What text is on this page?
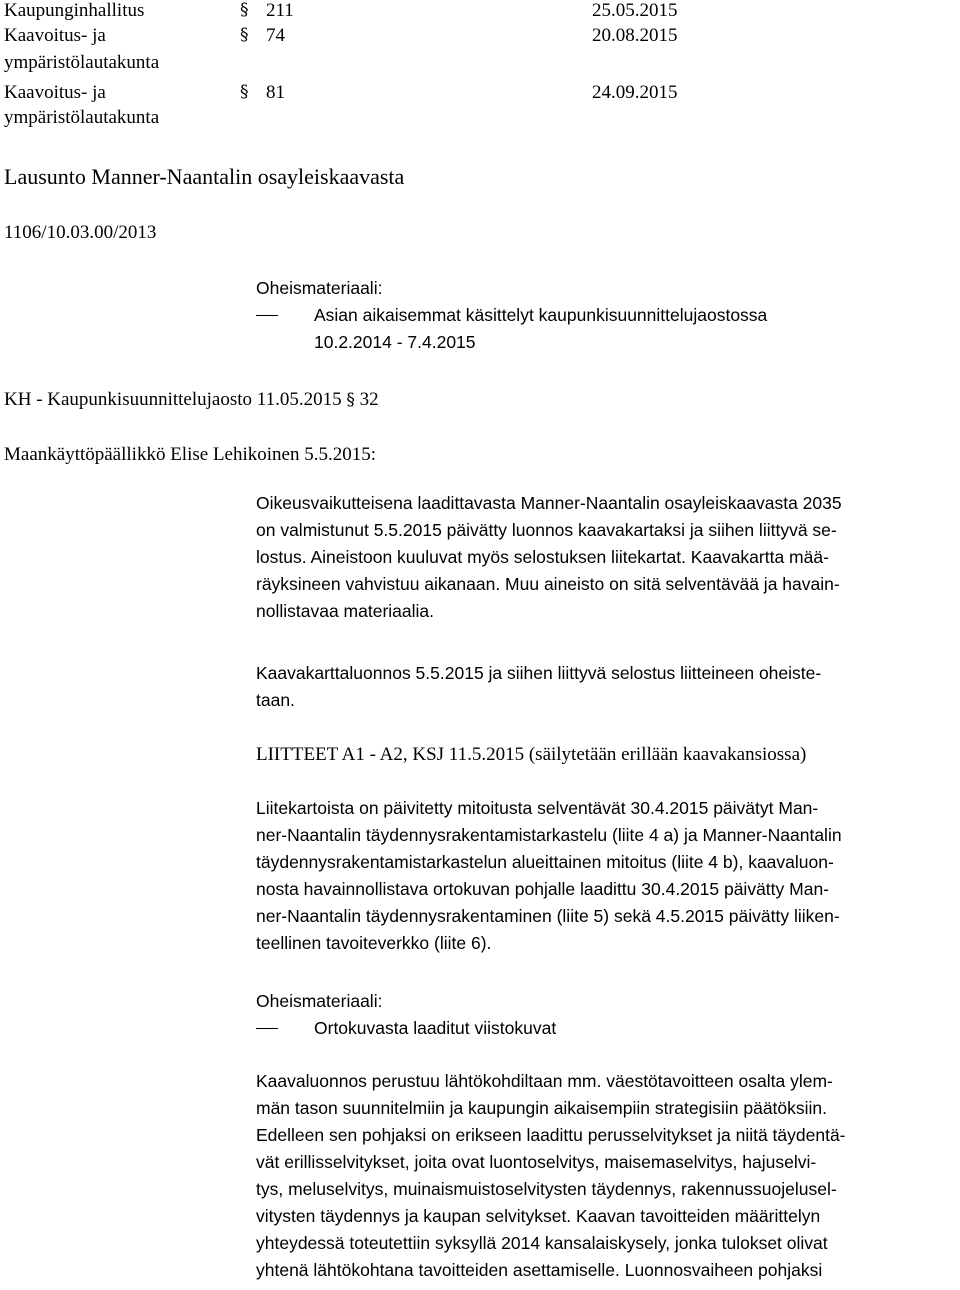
Kaupunginhallitus	§ 211	25.05.2015
Kaavoitus- ja	§ 74	20.08.2015
ympäristölautakunta
Kaavoitus- ja	§ 81	24.09.2015
ympäristölautakunta
Lausunto Manner-Naantalin osayleiskaavasta
1106/10.03.00/2013
Oheismateriaali:
Asian aikaisemmat käsittelyt kaupunkisuunnittelujaostossa
10.2.2014 - 7.4.2015
KH - Kaupunkisuunnittelujaosto 11.05.2015 § 32
Maankäyttöpäällikkö Elise Lehikoinen 5.5.2015:
Oikeusvaikutteisena laadittavasta Manner-Naantalin osayleiskaavasta 2035
on valmistunut 5.5.2015 päivätty luonnos kaavakartaksi ja siihen liittyvä se-
lostus. Aineistoon kuuluvat myös selostuksen liitekartat. Kaavakartta mää-
räyksineen vahvistuu aikanaan. Muu aineisto on sitä selventävää ja havain-
nollistavaa materiaalia.
Kaavakarttaluonnos 5.5.2015 ja siihen liittyvä selostus liitteineen oheiste-
taan.
LIITTEET A1 - A2, KSJ 11.5.2015 (säilytetään erillään kaavakansiossa)
Liitekartoista on päivitetty mitoitusta selventävät 30.4.2015 päivätyt Man-
ner-Naantalin täydennysrakentamistarkastelu (liite 4 a) ja Manner-Naantalin
täydennysrakentamistarkastelun alueittainen mitoitus (liite 4 b), kaavaluon-
nosta havainnollistava ortokuvan pohjalle laadittu 30.4.2015 päivätty Man-
ner-Naantalin täydennysrakentaminen (liite 5) sekä 4.5.2015 päivätty liiken-
teellinen tavoiteverkko (liite 6).
Oheismateriaali:
Ortokuvasta laaditut viistokuvat
Kaavaluonnos perustuu lähtökohdiltaan mm. väestötavoitteen osalta ylem-
män tason suunnitelmiin ja kaupungin aikaisempiin strategisiin päätöksiin.
Edelleen sen pohjaksi on erikseen laadittu perusselvitykset ja niitä täydentä-
vät erillisselvitykset, joita ovat luontoselvitys, maisemaselvitys, hajuselvi-
tys, meluselvitys, muinaismuistoselvitysten täydennys, rakennussuojelusel-
vitysten täydennys ja kaupan selvitykset. Kaavan tavoitteiden määrittelyn
yhteydessä toteutettiin syksyllä 2014 kansalaiskysely, jonka tulokset olivat
yhtenä lähtökohtana tavoitteiden asettamiselle. Luonnosvaiheen pohjaksi
